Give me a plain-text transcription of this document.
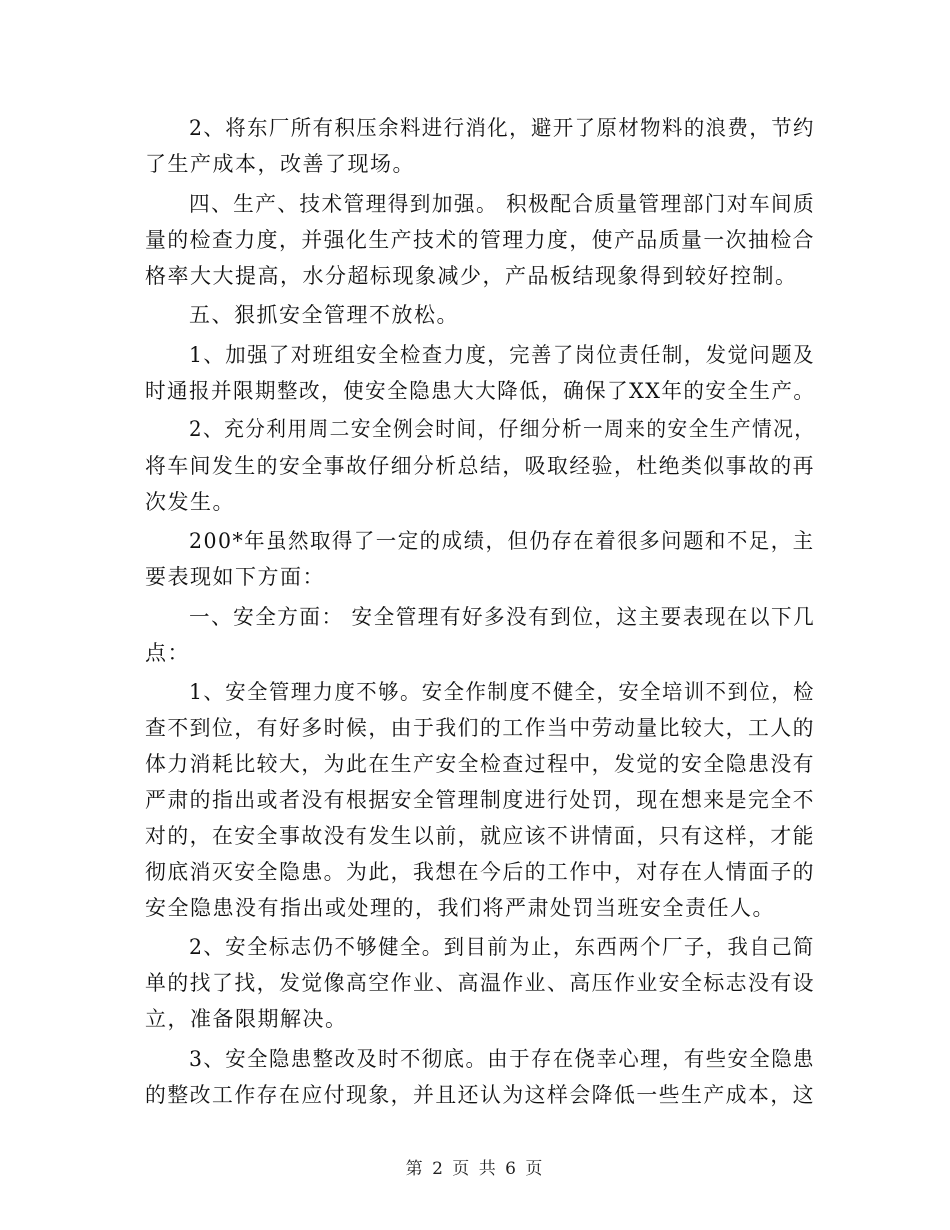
2、将东厂所有积压余料进行消化，避开了原材物料的浪费，节约
了生产成本，改善了现场。
四、生产、技术管理得到加强。 积极配合质量管理部门对车间质
量的检查力度，并强化生产技术的管理力度，使产品质量一次抽检合
格率大大提高，水分超标现象减少，产品板结现象得到较好控制。
五、狠抓安全管理不放松。
1、加强了对班组安全检查力度，完善了岗位责任制，发觉问题及
时通报并限期整改，使安全隐患大大降低，确保了XX年的安全生产。
2、充分利用周二安全例会时间，仔细分析一周来的安全生产情况，
将车间发生的安全事故仔细分析总结，吸取经验，杜绝类似事故的再
次发生。
200*年虽然取得了一定的成绩，但仍存在着很多问题和不足，主
要表现如下方面：
一、安全方面： 安全管理有好多没有到位，这主要表现在以下几
点：
1、安全管理力度不够。安全作制度不健全，安全培训不到位，检
查不到位，有好多时候，由于我们的工作当中劳动量比较大，工人的
体力消耗比较大，为此在生产安全检查过程中，发觉的安全隐患没有
严肃的指出或者没有根据安全管理制度进行处罚，现在想来是完全不
对的，在安全事故没有发生以前，就应该不讲情面，只有这样，才能
彻底消灭安全隐患。为此，我想在今后的工作中，对存在人情面子的
安全隐患没有指出或处理的，我们将严肃处罚当班安全责任人。
2、安全标志仍不够健全。到目前为止，东西两个厂子，我自己简
单的找了找，发觉像高空作业、高温作业、高压作业安全标志没有设
立，准备限期解决。
3、安全隐患整改及时不彻底。由于存在侥幸心理，有些安全隐患
的整改工作存在应付现象，并且还认为这样会降低一些生产成本，这
第 2 页 共 6 页
